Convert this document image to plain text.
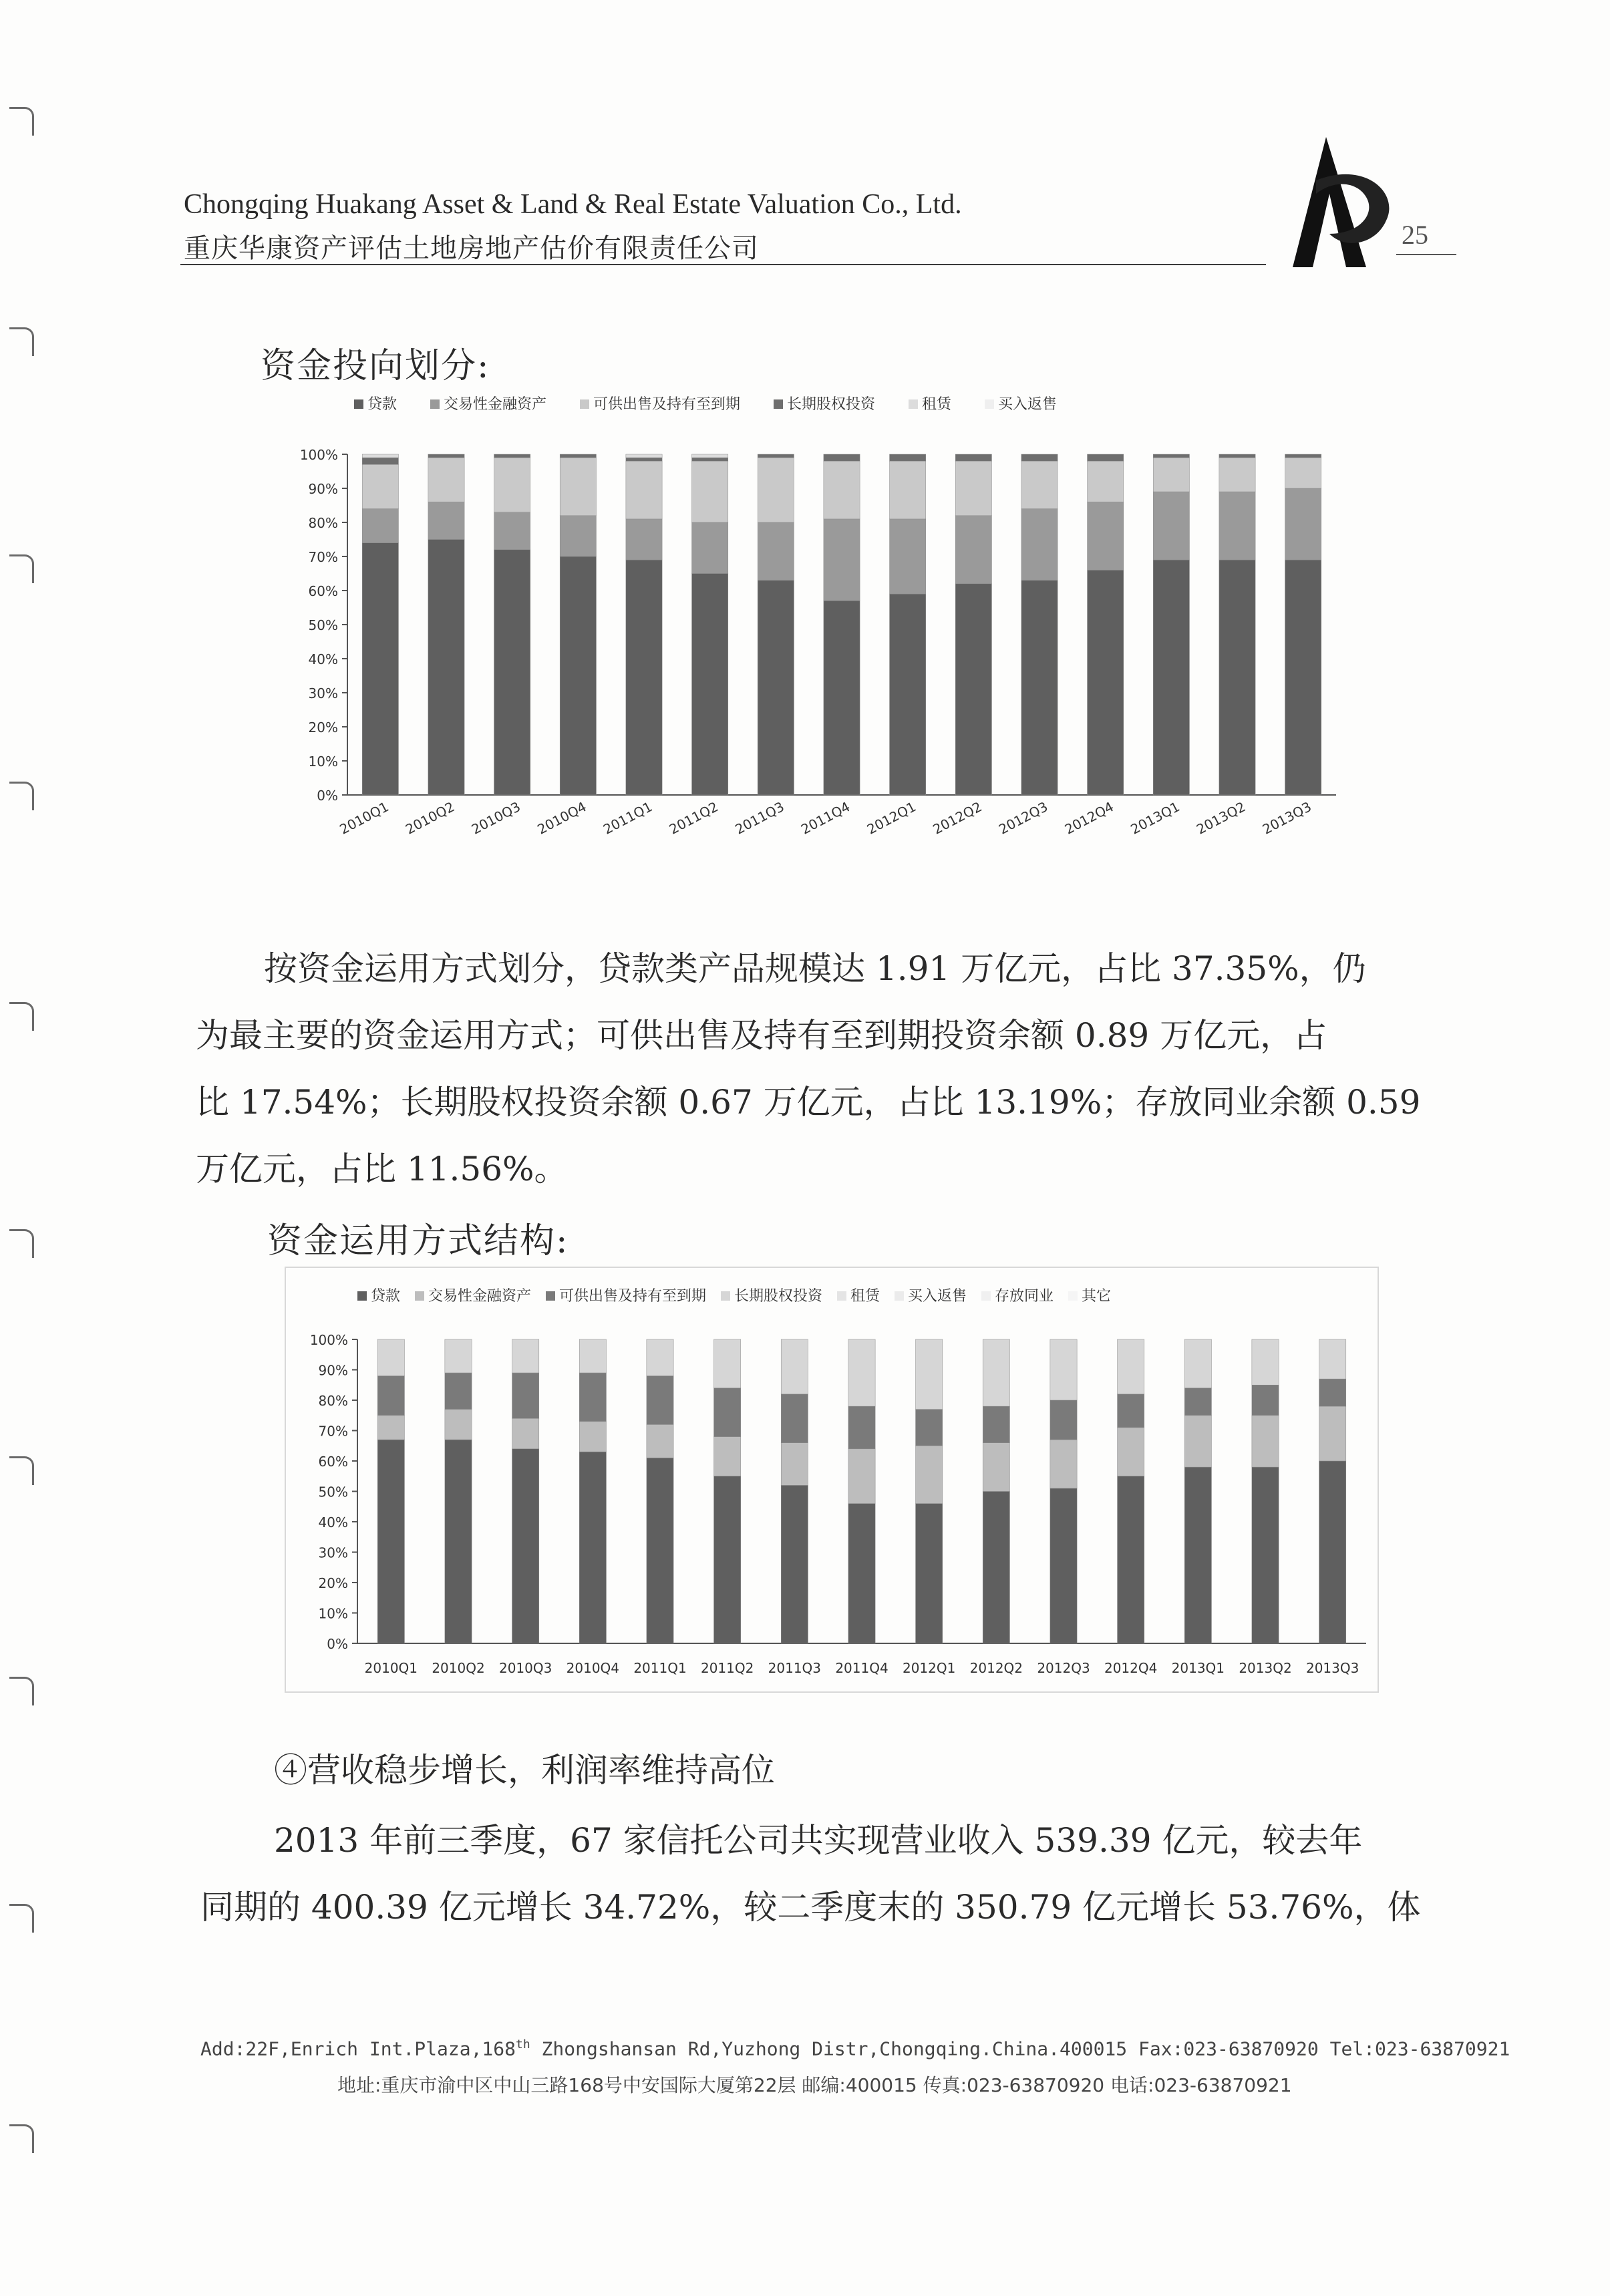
Chongqing Huakang Asset & Land & Real Estate Valuation Co., Ltd.
重庆华康资产评估土地房地产估价有限责任公司	25
资金投向划分:
贷款	交易性金融资产	可供出售及持有至到期	长期股权投资	租赁	买入返售
0%
10%
20%
30%
40%
50%
60%
70%
80%
90%
100%
2010Q1 2010Q2 2010Q3 2010Q4 2011Q1 2011Q2 2011Q3 2011Q4 2012Q1 2012Q2 2012Q3 2012Q4 2013Q1 2013Q2 2013Q3
按资金运用方式划分，贷款类产品规模达 1.91 万亿元，占比 37.35%，仍
为最主要的资金运用方式；可供出售及持有至到期投资余额 0.89 万亿元，占
比 17.54%；长期股权投资余额 0.67 万亿元，占比 13.19%；存放同业余额 0.59
万亿元，占比 11.56%。
资金运用方式结构:
贷款 交易性金融资产 可供出售及持有至到期 长期股权投资 租赁 买入返售 存放同业 其它
0%
10%
20%
30%
40%
50%
60%
70%
80%
90%
100%
2010Q1 2010Q2 2010Q3 2010Q4 2011Q1 2011Q2 2011Q3 2011Q4 2012Q1 2012Q2 2012Q3 2012Q4 2013Q1 2013Q2 2013Q3
④营收稳步增长，利润率维持高位
2013 年前三季度，67 家信托公司共实现营业收入 539.39 亿元，较去年
同期的 400.39 亿元增长 34.72%，较二季度末的 350.79 亿元增长 53.76%，体
Add:22F,Enrich Int.Plaza,168th Zhongshansan Rd,Yuzhong Distr,Chongqing.China.400015 Fax:023-63870920 Tel:023-63870921
地址:重庆市渝中区中山三路168号中安国际大厦第22层 邮编:400015 传真:023-63870920 电话:023-63870921
